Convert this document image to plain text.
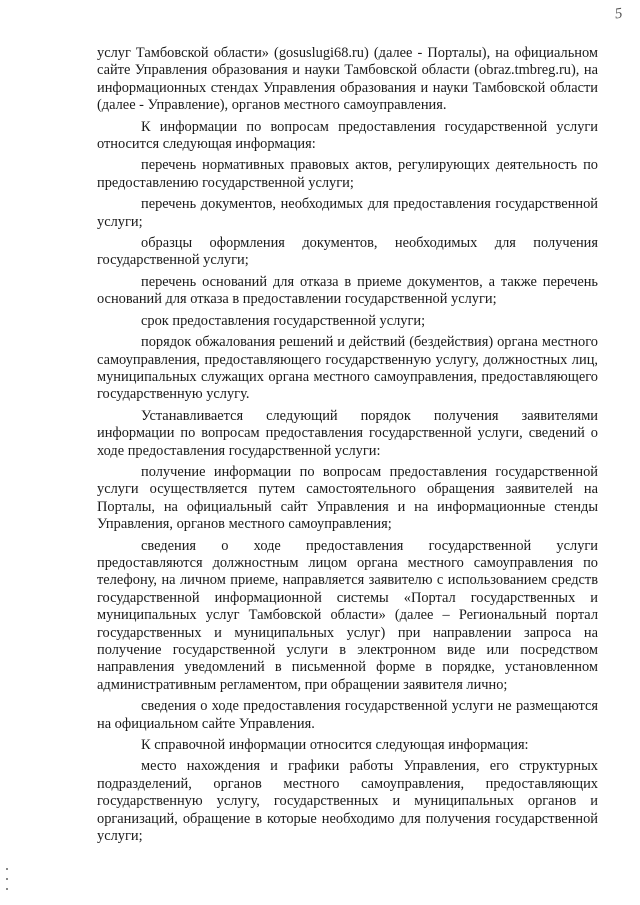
5

услуг Тамбовской области» (gosuslugi68.ru) (далее - Порталы), на официальном сайте Управления образования и науки Тамбовской области (obraz.tmbreg.ru), на информационных стендах Управления образования и науки Тамбовской области (далее - Управление), органов местного самоуправления.

К информации по вопросам предоставления государственной услуги относится следующая информация:

перечень нормативных правовых актов, регулирующих деятельность по предоставлению государственной услуги;

перечень документов, необходимых для предоставления государственной услуги;

образцы оформления документов, необходимых для получения государственной услуги;

перечень оснований для отказа в приеме документов, а также перечень оснований для отказа в предоставлении государственной услуги;

срок предоставления государственной услуги;

порядок обжалования решений и действий (бездействия) органа местного самоуправления, предоставляющего государственную услугу, должностных лиц, муниципальных служащих органа местного самоуправления, предоставляющего государственную услугу.

Устанавливается следующий порядок получения заявителями информации по вопросам предоставления государственной услуги, сведений о ходе предоставления государственной услуги:

получение информации по вопросам предоставления государственной услуги осуществляется путем самостоятельного обращения заявителей на Порталы, на официальный сайт Управления и на информационные стенды Управления, органов местного самоуправления;

сведения о ходе предоставления государственной услуги предоставляются должностным лицом органа местного самоуправления по телефону, на личном приеме, направляется заявителю с использованием средств государственной информационной системы «Портал государственных и муниципальных услуг Тамбовской области» (далее – Региональный портал государственных и муниципальных услуг) при направлении запроса на получение государственной услуги в электронном виде или посредством направления уведомлений в письменной форме в порядке, установленном административным регламентом, при обращении заявителя лично;

сведения о ходе предоставления государственной услуги не размещаются на официальном сайте Управления.

К справочной информации относится следующая информация:

место нахождения и графики работы Управления, его структурных подразделений, органов местного самоуправления, предоставляющих государственную услугу, государственных и муниципальных органов и организаций, обращение в которые необходимо для получения государственной услуги;
